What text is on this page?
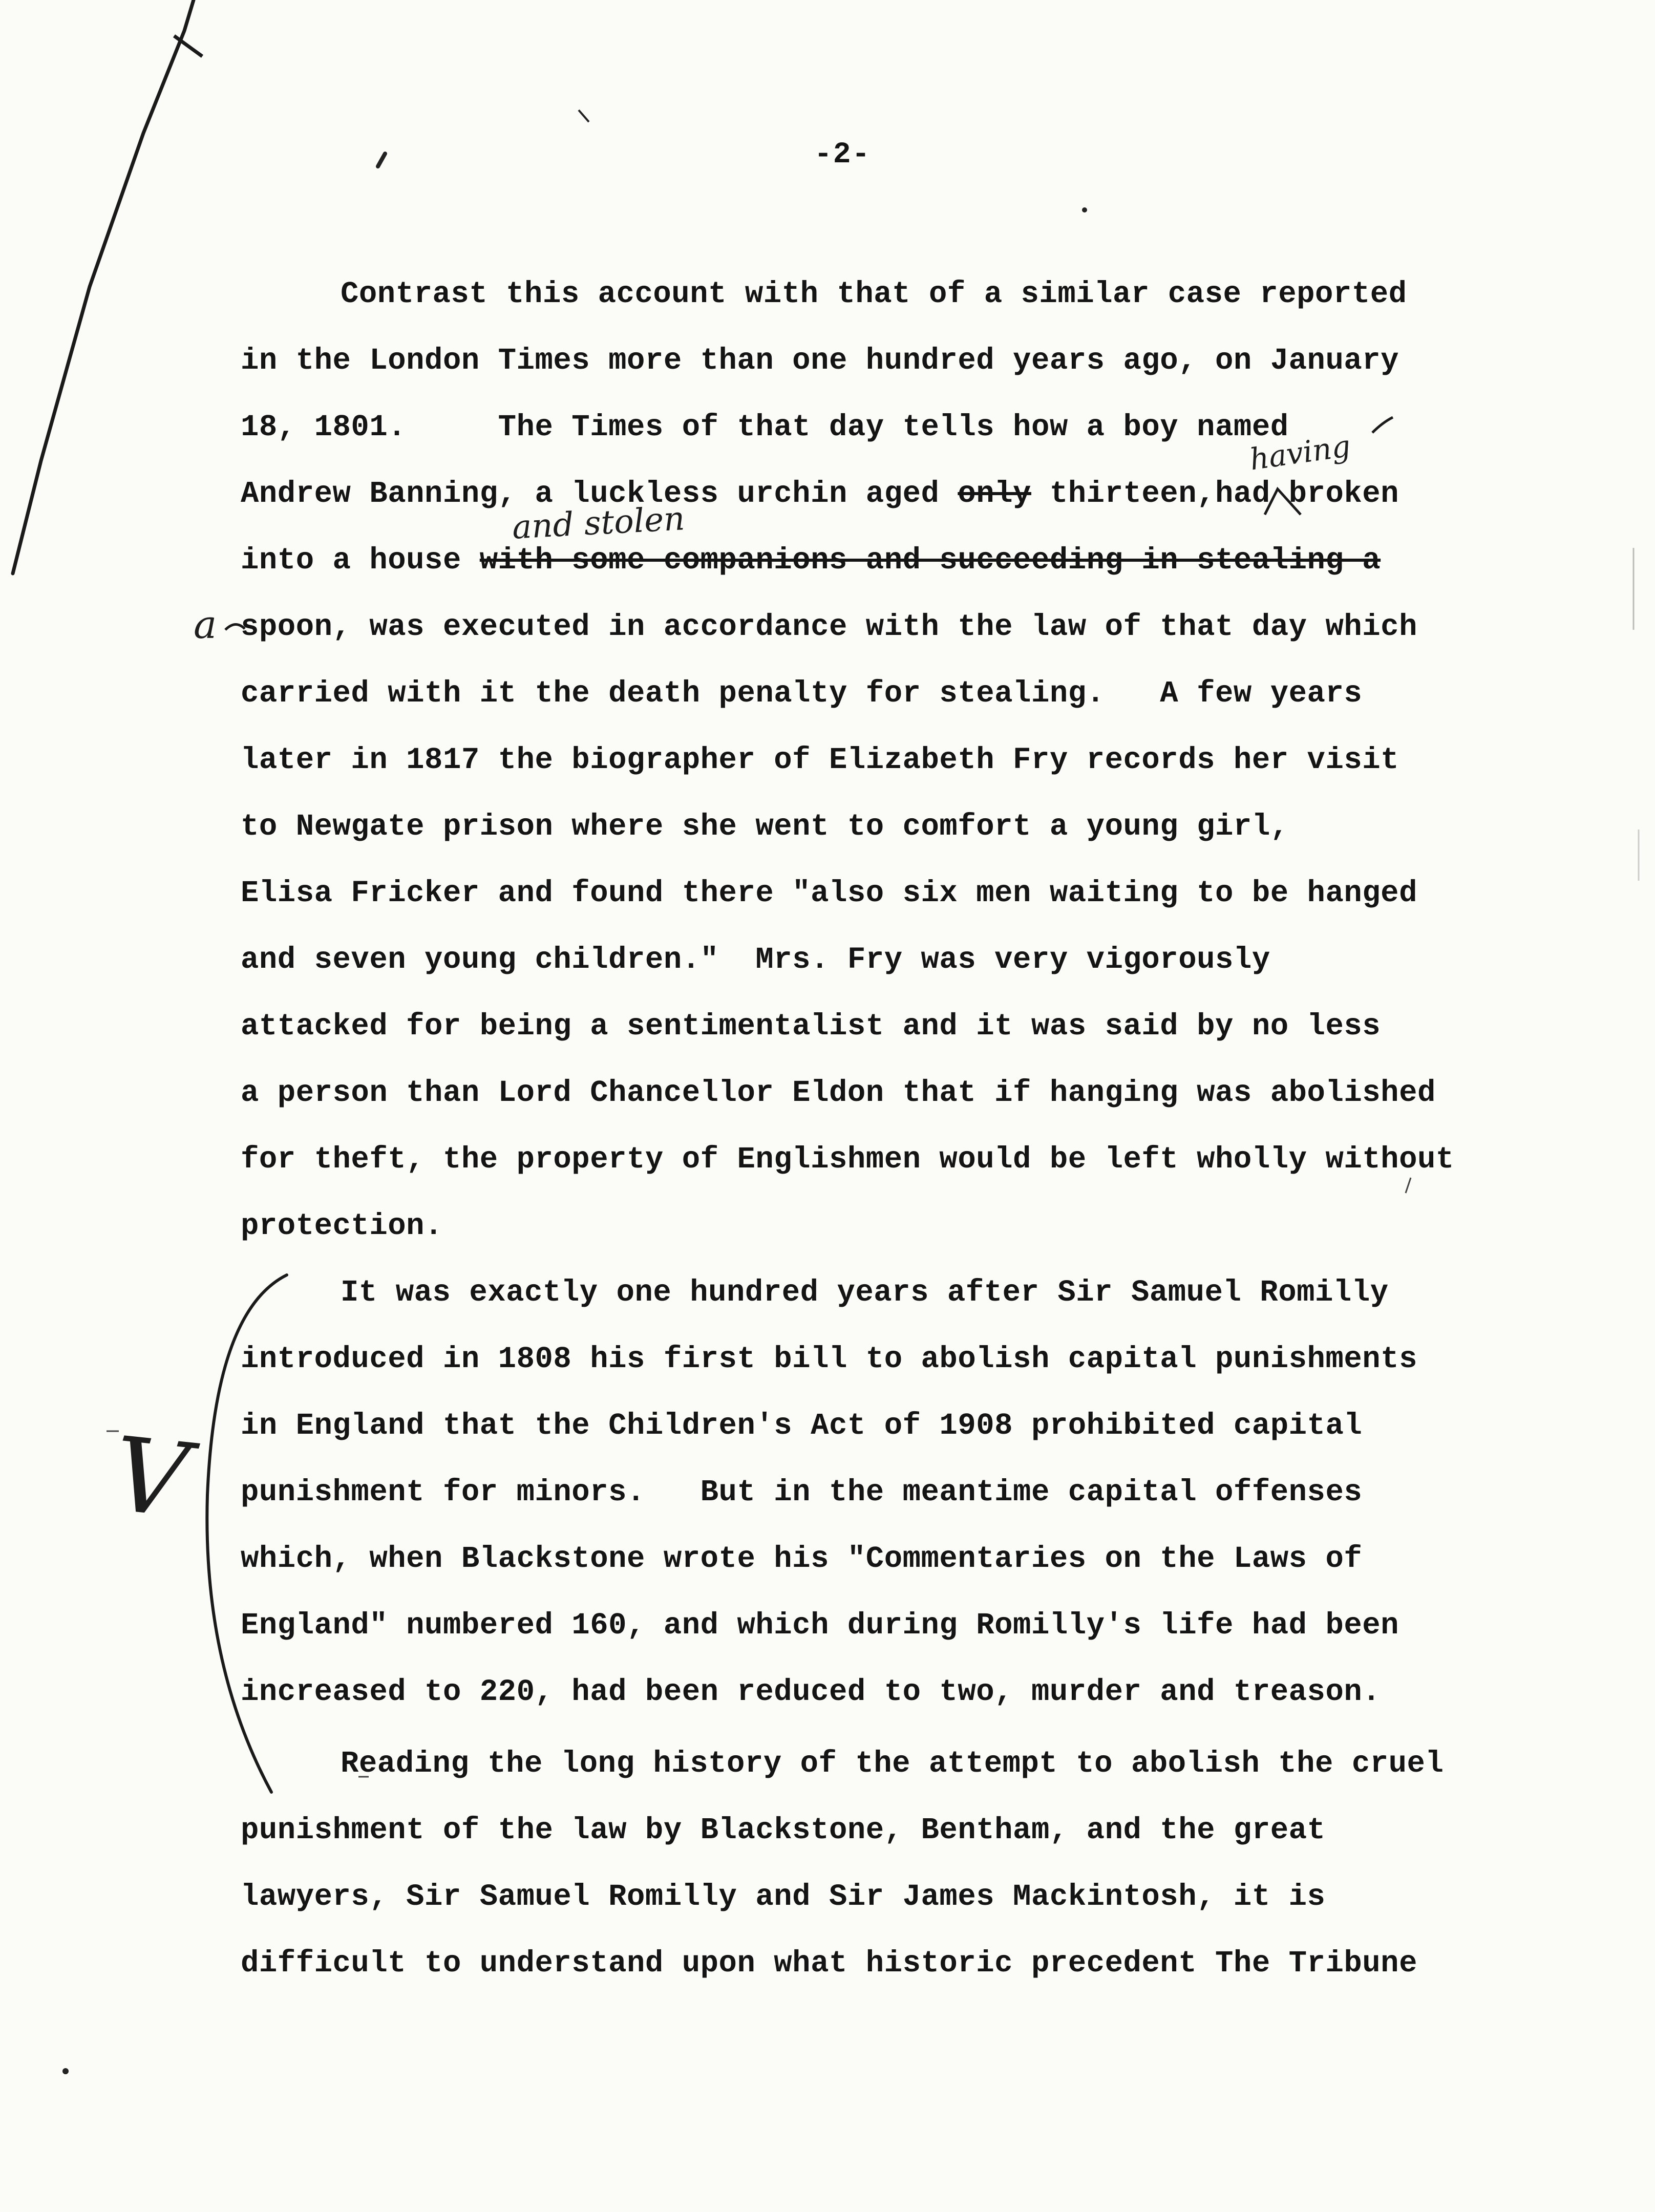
-2-
Contrast this account with that of a similar case reported
in the London Times more than one hundred years ago, on January
18, 1801.     The Times of that day tells how a boy named
Andrew Banning, a luckless urchin aged only thirteen,had broken
into a house with some companions and succeeding in stealing a
spoon, was executed in accordance with the law of that day which
carried with it the death penalty for stealing.   A few years
later in 1817 the biographer of Elizabeth Fry records her visit
to Newgate prison where she went to comfort a young girl,
Elisa Fricker and found there "also six men waiting to be hanged
and seven young children."  Mrs. Fry was very vigorously
attacked for being a sentimentalist and it was said by no less
a person than Lord Chancellor Eldon that if hanging was abolished
for theft, the property of Englishmen would be left wholly without
protection.
It was exactly one hundred years after Sir Samuel Romilly
introduced in 1808 his first bill to abolish capital punishments
in England that the Children's Act of 1908 prohibited capital
punishment for minors.   But in the meantime capital offenses
which, when Blackstone wrote his "Commentaries on the Laws of
England" numbered 160, and which during Romilly's life had been
increased to 220, had been reduced to two, murder and treason.
Reading the long history of the attempt to abolish the cruel
punishment of the law by Blackstone, Bentham, and the great
lawyers, Sir Samuel Romilly and Sir James Mackintosh, it is
difficult to understand upon what historic precedent The Tribune
and stolen
having
a
V
